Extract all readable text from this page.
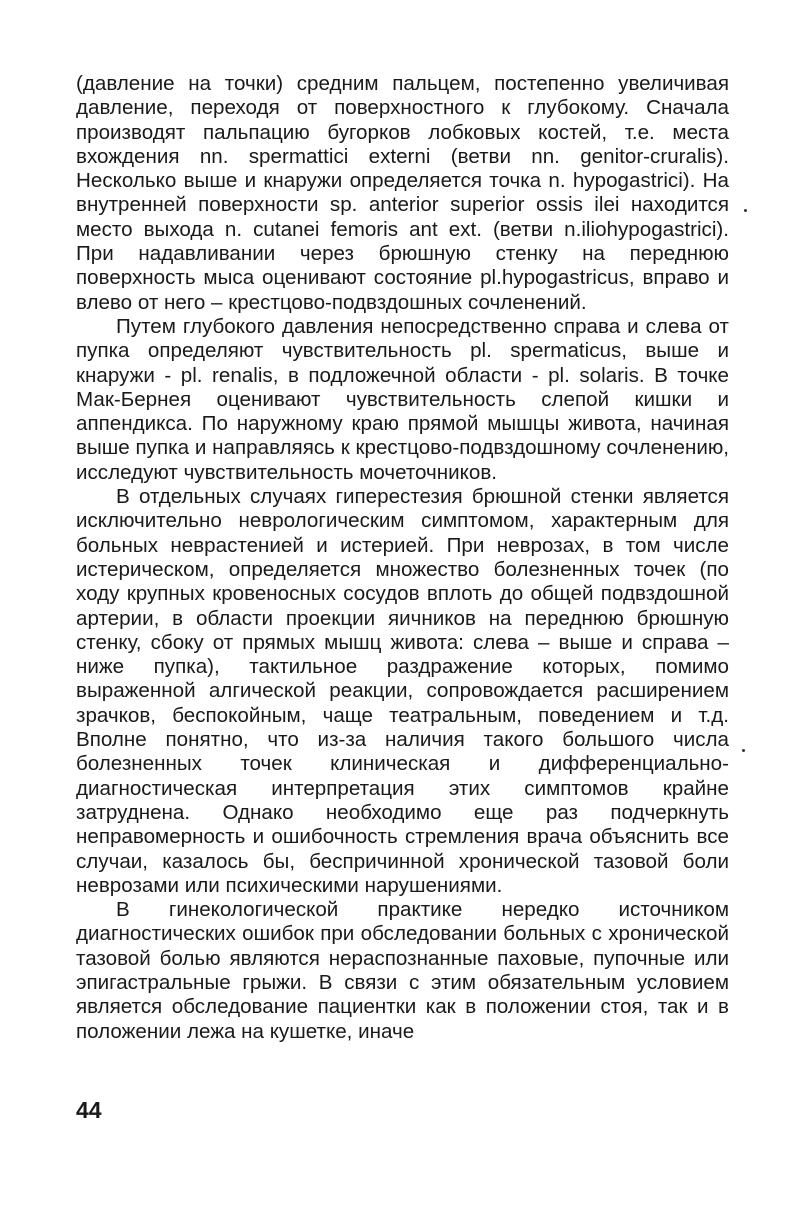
(давление на точки) средним пальцем, постепенно увеличивая давление, переходя от поверхностного к глубокому. Сначала производят пальпацию бугорков лобковых костей, т.е. места вхождения nn. spermattici externi (ветви nn. genitor-cruralis). Несколько выше и кнаружи определяется точка n. hypogastrici). На внутренней поверхности sp. anterior superior ossis ilei находится место выхода n. cutanei femoris ant ext. (ветви n.iliohypogastrici). При надавливании через брюшную стенку на переднюю поверхность мыса оценивают состояние pl.hypogastricus, вправо и влево от него – крестцово-подвздошных сочленений.

Путем глубокого давления непосредственно справа и слева от пупка определяют чувствительность pl. spermaticus, выше и кнаружи - pl. renalis, в подложечной области - pl. solaris. В точке Мак-Бернея оценивают чувствительность слепой кишки и аппендикса. По наружному краю прямой мышцы живота, начиная выше пупка и направляясь к крестцово-подвздошному сочленению, исследуют чувствительность мочеточников.

В отдельных случаях гиперестезия брюшной стенки является исключительно неврологическим симптомом, характерным для больных неврастенией и истерией. При неврозах, в том числе истерическом, определяется множество болезненных точек (по ходу крупных кровеносных сосудов вплоть до общей подвздошной артерии, в области проекции яичников на переднюю брюшную стенку, сбоку от прямых мышц живота: слева – выше и справа – ниже пупка), тактильное раздражение которых, помимо выраженной алгической реакции, сопровождается расширением зрачков, беспокойным, чаще театральным, поведением и т.д. Вполне понятно, что из-за наличия такого большого числа болезненных точек клиническая и дифференциально-диагностическая интерпретация этих симптомов крайне затруднена. Однако необходимо еще раз подчеркнуть неправомерность и ошибочность стремления врача объяснить все случаи, казалось бы, беспричинной хронической тазовой боли неврозами или психическими нарушениями.

В гинекологической практике нередко источником диагностических ошибок при обследовании больных с хронической тазовой болью являются нераспознанные паховые, пупочные или эпигастральные грыжи. В связи с этим обязательным условием является обследование пациентки как в положении стоя, так и в положении лежа на кушетке, иначе

44
